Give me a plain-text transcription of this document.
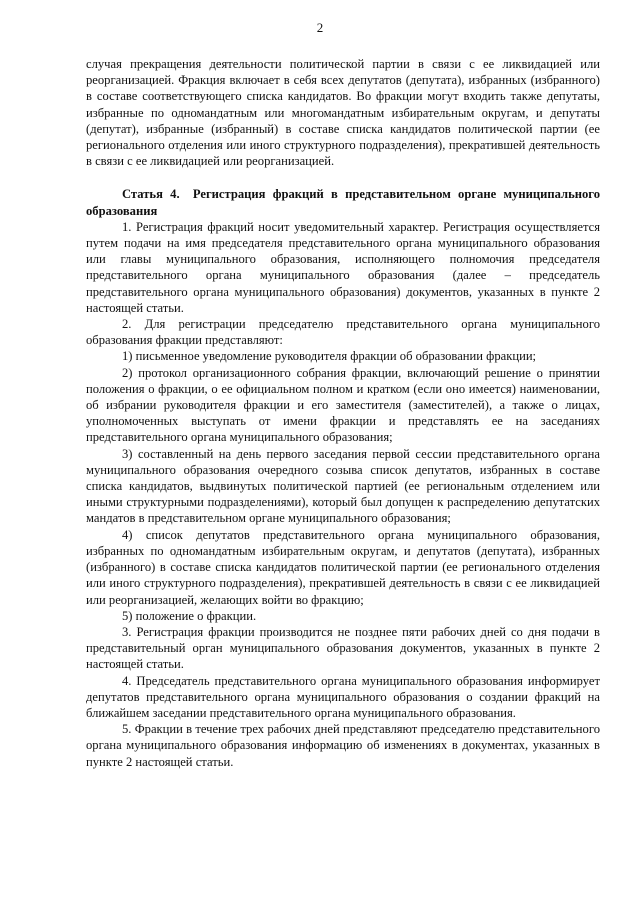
2

случая прекращения деятельности политической партии в связи с ее ликвидацией или реорганизацией. Фракция включает в себя всех депутатов (депутата), избранных (избранного) в составе соответствующего списка кандидатов. Во фракции могут входить также депутаты, избранные по одномандатным или многомандатным избирательным округам, и депутаты (депутат), избранные (избранный) в составе списка кандидатов политической партии (ее регионального отделения или иного структурного подразделения), прекратившей деятельность в связи с ее ликвидацией или реорганизацией.

Статья 4. Регистрация фракций в представительном органе муниципального образования

1. Регистрация фракций носит уведомительный характер. Регистрация осуществляется путем подачи на имя председателя представительного органа муниципального образования или главы муниципального образования, исполняющего полномочия председателя представительного органа муниципального образования (далее – председатель представительного органа муниципального образования) документов, указанных в пункте 2 настоящей статьи.

2. Для регистрации председателю представительного органа муниципального образования фракции представляют:

1) письменное уведомление руководителя фракции об образовании фракции;

2) протокол организационного собрания фракции, включающий решение о принятии положения о фракции, о ее официальном полном и кратком (если оно имеется) наименовании, об избрании руководителя фракции и его заместителя (заместителей), а также о лицах, уполномоченных выступать от имени фракции и представлять ее на заседаниях представительного органа муниципального образования;

3) составленный на день первого заседания первой сессии представительного органа муниципального образования очередного созыва список депутатов, избранных в составе списка кандидатов, выдвинутых политической партией (ее региональным отделением или иными структурными подразделениями), который был допущен к распределению депутатских мандатов в представительном органе муниципального образования;

4) список депутатов представительного органа муниципального образования, избранных по одномандатным избирательным округам, и депутатов (депутата), избранных (избранного) в составе списка кандидатов политической партии (ее регионального отделения или иного структурного подразделения), прекратившей деятельность в связи с ее ликвидацией или реорганизацией, желающих войти во фракцию;

5) положение о фракции.

3. Регистрация фракции производится не позднее пяти рабочих дней со дня подачи в представительный орган муниципального образования документов, указанных в пункте 2 настоящей статьи.

4. Председатель представительного органа муниципального образования информирует депутатов представительного органа муниципального образования о создании фракций на ближайшем заседании представительного органа муниципального образования.

5. Фракции в течение трех рабочих дней представляют председателю представительного органа муниципального образования информацию об изменениях в документах, указанных в пункте 2 настоящей статьи.
